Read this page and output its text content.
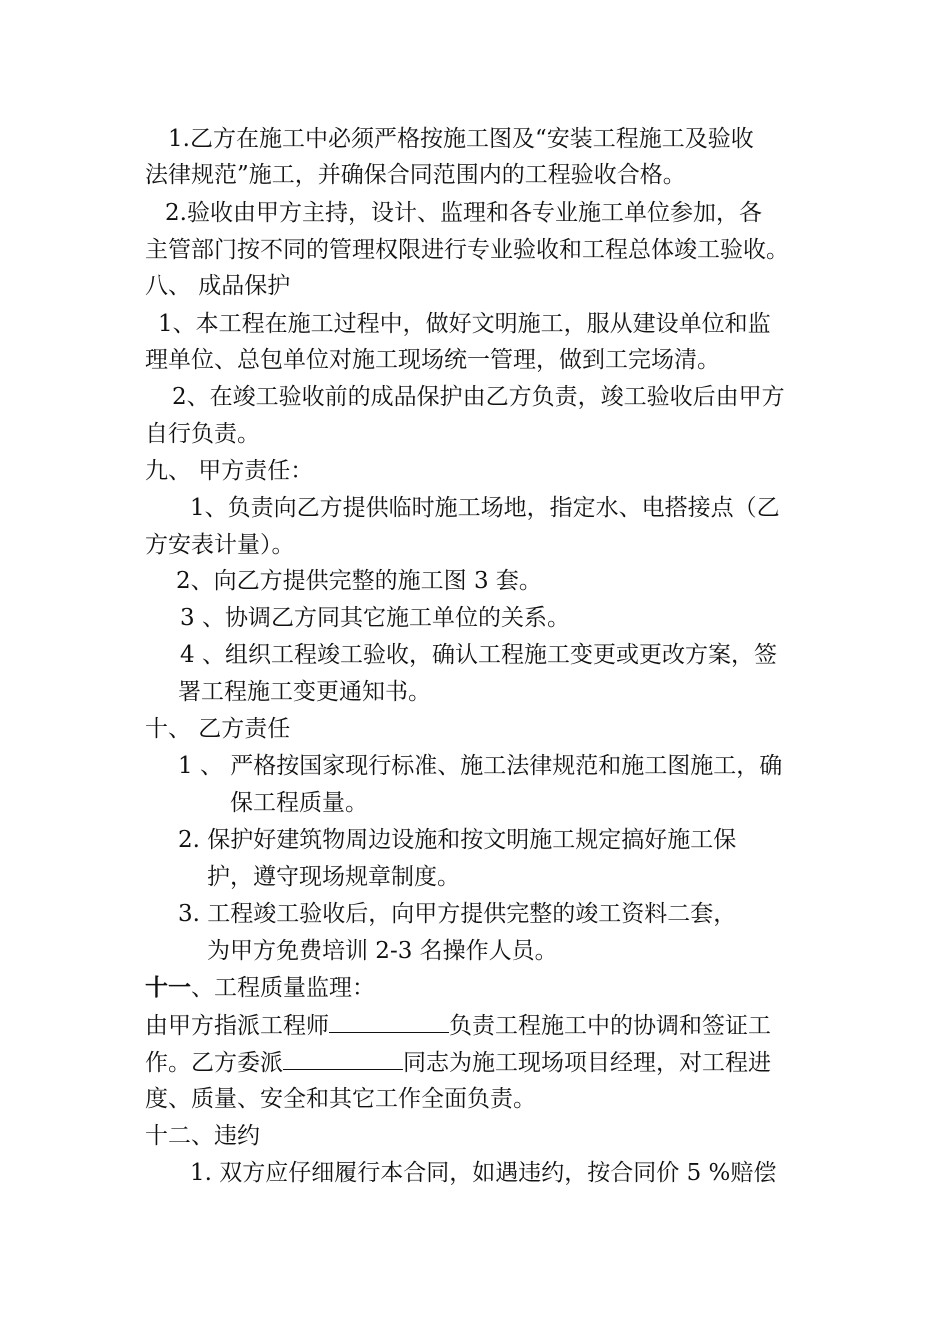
1.乙方在施工中必须严格按施工图及“安装工程施工及验收
法律规范”施工，并确保合同范围内的工程验收合格。
2.验收由甲方主持，设计、监理和各专业施工单位参加，各
主管部门按不同的管理权限进行专业验收和工程总体竣工验收。
八、 成品保护
1、本工程在施工过程中，做好文明施工，服从建设单位和监
理单位、总包单位对施工现场统一管理，做到工完场清。
2、在竣工验收前的成品保护由乙方负责，竣工验收后由甲方
自行负责。
九、 甲方责任：
1、负责向乙方提供临时施工场地，指定水、电搭接点（乙
方安表计量）。
2、向乙方提供完整的施工图 3 套。
3 、协调乙方同其它施工单位的关系。
4 、组织工程竣工验收，确认工程施工变更或更改方案，签
署工程施工变更通知书。
十、 乙方责任
1 、 严格按国家现行标准、施工法律规范和施工图施工，确
保工程质量。
2. 保护好建筑物周边设施和按文明施工规定搞好施工保
护，遵守现场规章制度。
3. 工程竣工验收后，向甲方提供完整的竣工资料二套，
为甲方免费培训 2-3 名操作人员。
十一、工程质量监理：
由甲方指派工程师	负责工程施工中的协调和签证工
作。乙方委派	同志为施工现场项目经理，对工程进
度、质量、安全和其它工作全面负责。
十二、违约
1. 双方应仔细履行本合同，如遇违约，按合同价 5 %赔偿
